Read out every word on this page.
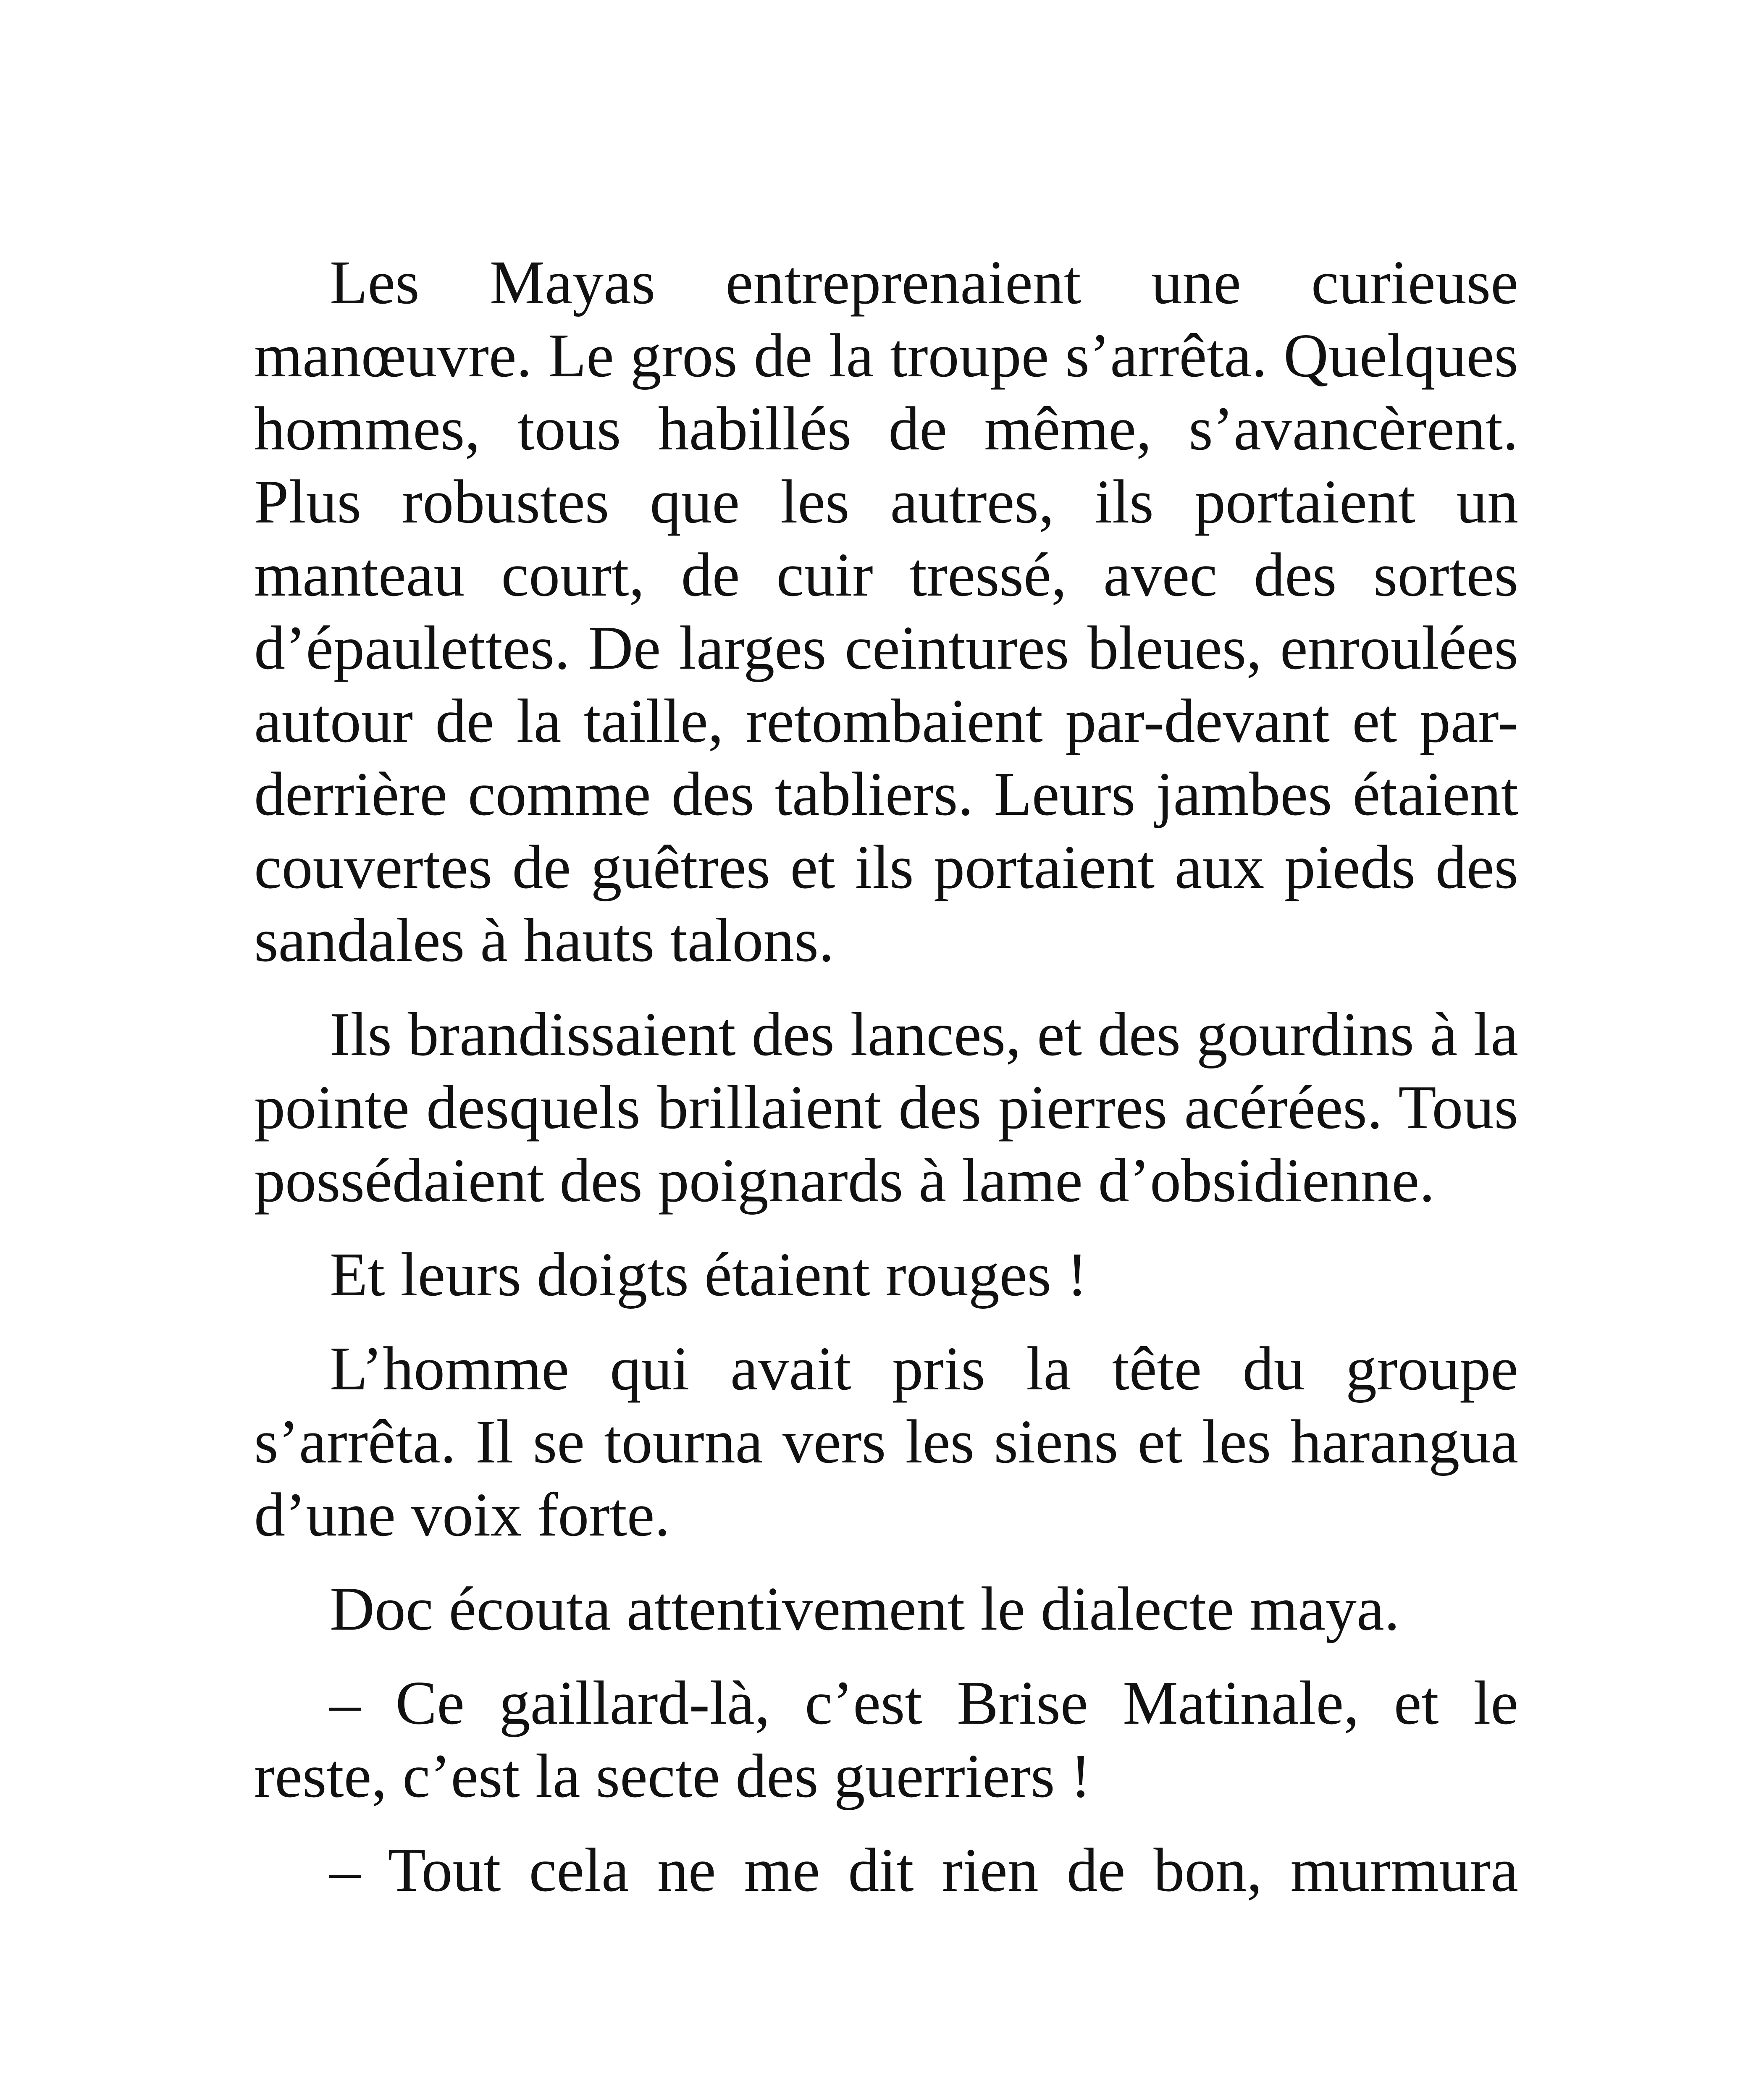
Les Mayas entreprenaient une curieuse manœuvre. Le gros de la troupe s’arrêta. Quelques hommes, tous habillés de même, s’avancèrent. Plus robustes que les autres, ils portaient un manteau court, de cuir tressé, avec des sortes d’épaulettes. De larges ceintures bleues, enroulées autour de la taille, retombaient par-devant et par-derrière comme des tabliers. Leurs jambes étaient couvertes de guêtres et ils portaient aux pieds des sandales à hauts talons.

Ils brandissaient des lances, et des gourdins à la pointe desquels brillaient des pierres acérées. Tous possédaient des poignards à lame d’obsidienne.

Et leurs doigts étaient rouges !

L’homme qui avait pris la tête du groupe s’arrêta. Il se tourna vers les siens et les harangua d’une voix forte.

Doc écouta attentivement le dialecte maya.

– Ce gaillard-là, c’est Brise Matinale, et le reste, c’est la secte des guerriers !

– Tout cela ne me dit rien de bon, murmura
